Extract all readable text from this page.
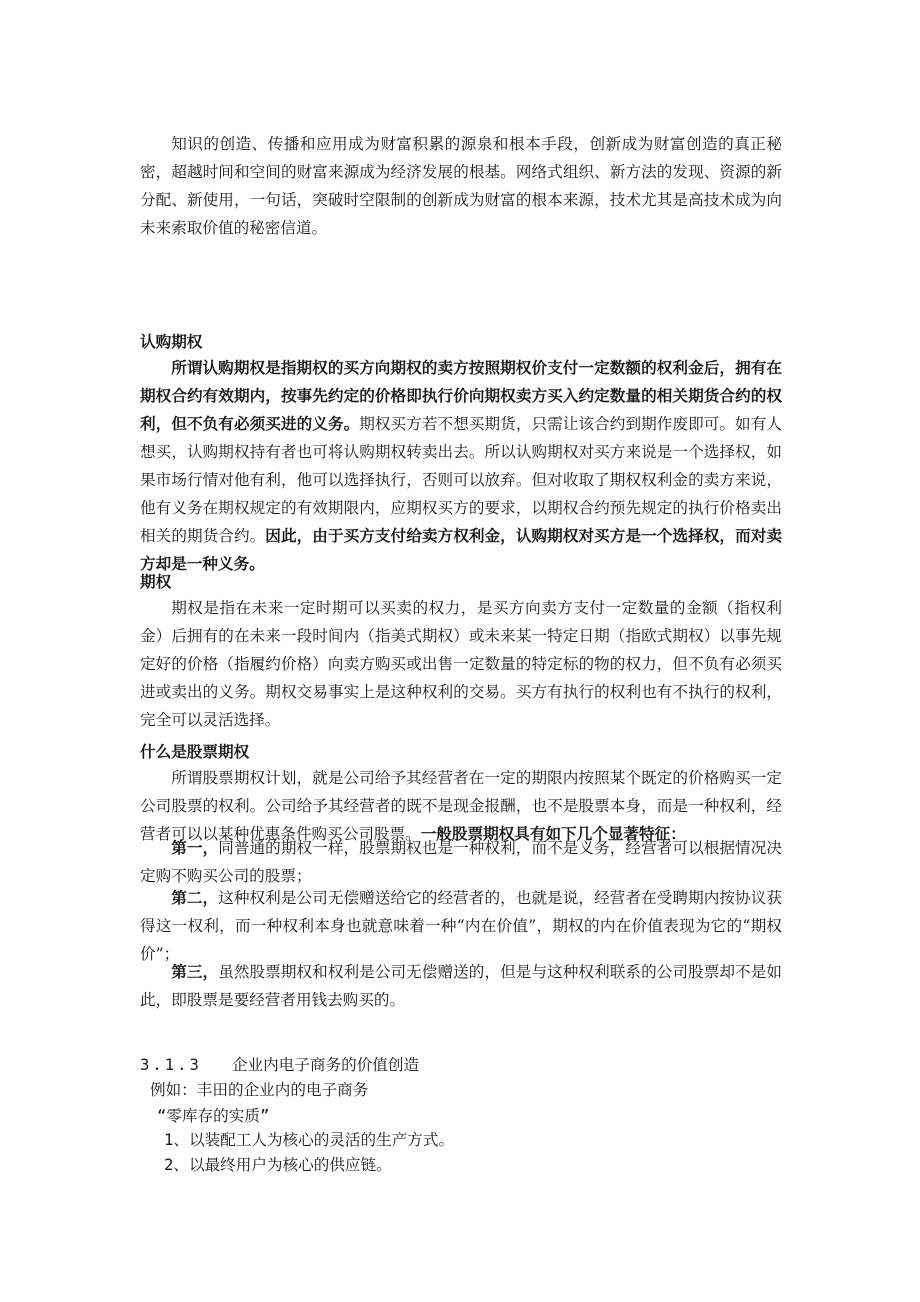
知识的创造、传播和应用成为财富积累的源泉和根本手段，创新成为财富创造的真正秘密，超越时间和空间的财富来源成为经济发展的根基。网络式组织、新方法的发现、资源的新分配、新使用，一句话，突破时空限制的创新成为财富的根本来源，技术尤其是高技术成为向未来索取价值的秘密信道。

认购期权

所谓认购期权是指期权的买方向期权的卖方按照期权价支付一定数额的权利金后，拥有在期权合约有效期内，按事先约定的价格即执行价向期权卖方买入约定数量的相关期货合约的权利，但不负有必须买进的义务。期权买方若不想买期货，只需让该合约到期作废即可。如有人想买，认购期权持有者也可将认购期权转卖出去。所以认购期权对买方来说是一个选择权，如果市场行情对他有利，他可以选择执行，否则可以放弃。但对收取了期权权利金的卖方来说，他有义务在期权规定的有效期限内，应期权买方的要求，以期权合约预先规定的执行价格卖出相关的期货合约。因此，由于买方支付给卖方权利金，认购期权对买方是一个选择权，而对卖方却是一种义务。

期权

期权是指在未来一定时期可以买卖的权力，是买方向卖方支付一定数量的金额（指权利金）后拥有的在未来一段时间内（指美式期权）或未来某一特定日期（指欧式期权）以事先规定好的价格（指履约价格）向卖方购买或出售一定数量的特定标的物的权力，但不负有必须买进或卖出的义务。期权交易事实上是这种权利的交易。买方有执行的权利也有不执行的权利，完全可以灵活选择。

什么是股票期权

所谓股票期权计划，就是公司给予其经营者在一定的期限内按照某个既定的价格购买一定公司股票的权利。公司给予其经营者的既不是现金报酬，也不是股票本身，而是一种权利，经营者可以以某种优惠条件购买公司股票。一般股票期权具有如下几个显著特征：

第一，同普通的期权一样，股票期权也是一种权利，而不是义务，经营者可以根据情况决定购不购买公司的股票；

第二，这种权利是公司无偿赠送给它的经营者的，也就是说，经营者在受聘期内按协议获得这一权利，而一种权利本身也就意味着一种“内在价值”，期权的内在价值表现为它的“期权价”；

第三，虽然股票期权和权利是公司无偿赠送的，但是与这种权利联系的公司股票却不是如此，即股票是要经营者用钱去购买的。

3.1.3 企业内电子商务的价值创造

例如：丰田的企业内的电子商务

“零库存的实质”

1、以装配工人为核心的灵活的生产方式。

2、以最终用户为核心的供应链。
